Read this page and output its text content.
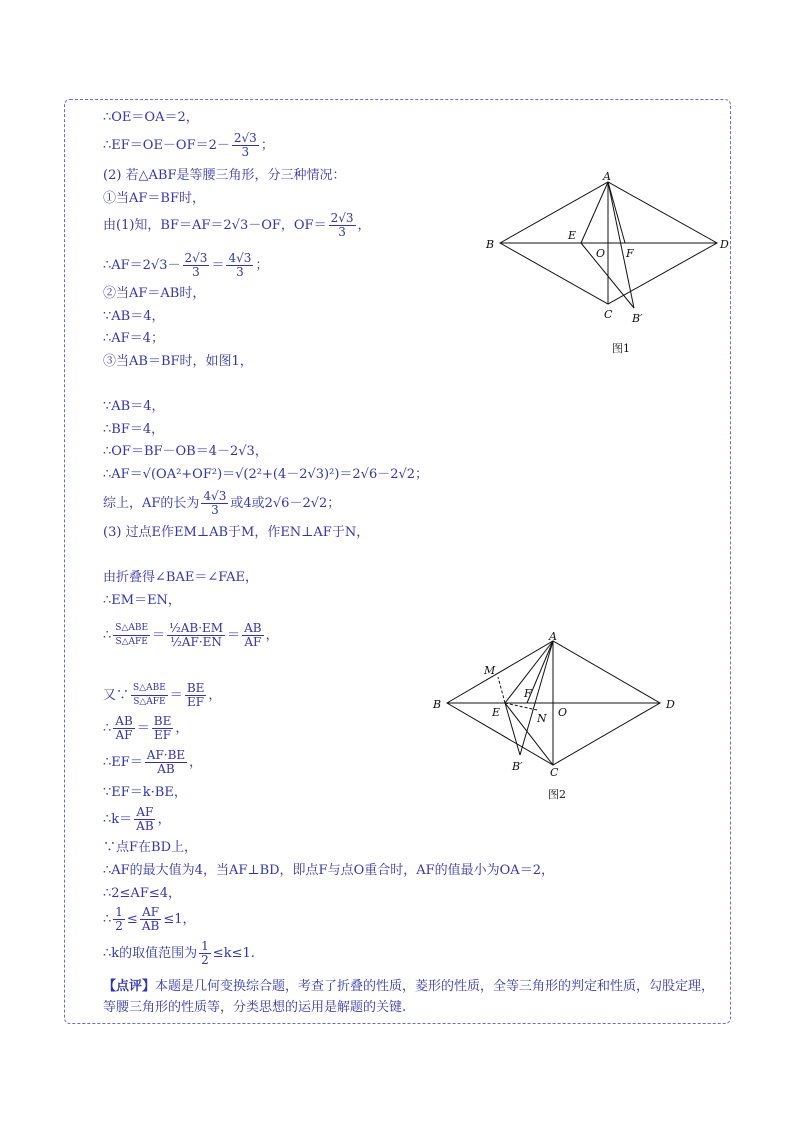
∴OE＝OA＝2，
∴EF＝OE－OF＝2－ $\frac{2√3}{3}$ ；
(2) 若△ABF是等腰三角形，分三种情况：
①当AF＝BF时，
由(1)知，BF＝AF＝2√3－OF，$OF= \frac{2√3}{3}$ ，
∴AF＝2√3－ $\frac{2√3}{3} = \frac{4√3}{3}$ ；
②当AF＝AB时，
∵AB＝4，
∴AF＝4；
③当AB＝BF时，如图1，
∵AB＝4，
∴BF＝4，
∴OF＝BF－OB＝4－2√3，
∴AF＝√(OA²+OF²)＝√(2²+(4－2√3)²)＝2√6－2√2；
综上，AF的长为 $\frac{4√3}{3}$ 或4或2√6－2√2；
(3) 过点E作EM⊥AB于M，作EN⊥AF于N，
由折叠得∠BAE＝∠FAE，
∴EM＝EN，
∴ S△ABE
S△AFE ＝ $\frac{\text{½AB·EM}}{\text{½AF·EN}} = \frac{AB}{AF}$ ，
又∵ S△ABE
S△AFE ＝ $\frac{BE}{EF}$ ，
∴ $\frac{AB}{AF} = \frac{BE}{EF}$ ，
∴EF＝ $\frac{AF\cdot BE}{AB}$ ，
∵EF＝k·BE，
∴k＝ $\frac{AF}{AB}$ ，
∵点F在BD上，
∴AF的最大值为4，当AF⊥BD，即点F与点O重合时，AF的值最小为OA＝2，
∴2≤AF≤4，
∴ $\frac{1}{2} \le \frac{AF}{AB} \le 1$，
∴k的取值范围为 $\frac{1}{2} \le k\le 1$.
【点评】本题是几何变换综合题，考查了折叠的性质，菱形的性质，全等三角形的判定和性质，勾股定理，等腰三角形的性质等，分类思想的运用是解题的关键.
A
B	D
E
O F
C B′
图1
A
M
B
F
E	N O
D
B′ C
图2
